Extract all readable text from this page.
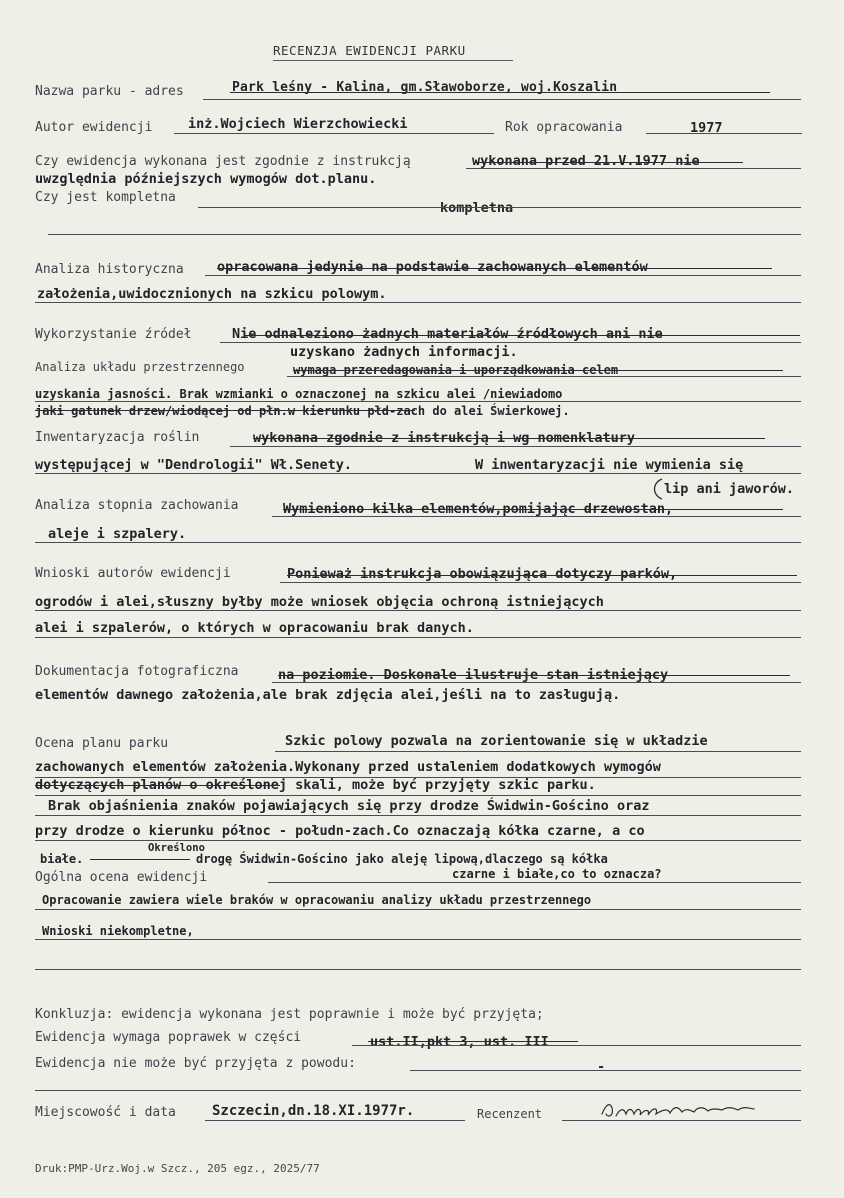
RECENZJA EWIDENCJI PARKU
Nazwa parku - adres	Park leśny - Kalina, gm.Sławoborze, woj.Koszalin
Autor ewidencji	inż.Wojciech Wierzchowiecki	Rok opracowania	1977
Czy ewidencja wykonana jest zgodnie z instrukcją	wykonana przed 21.V.1977 nie
uwzględnia późniejszych wymogów dot.planu.
Czy jest kompletna
kompletna
Analiza historyczna opracowana jedynie na podstawie zachowanych elementów
założenia,uwidocznionych na szkicu polowym.
Wykorzystanie źródeł	Nie odnaleziono żadnych materiałów źródłowych ani nie
uzyskano żadnych informacji.
Analiza układu przestrzennego	wymaga przeredagowania i uporządkowania celem
uzyskania jasności. Brak wzmianki o oznaczonej na szkicu alei /niewiadomo
jaki gatunek drzew/wiodącej od płn.w kierunku płd-zach do alei Świerkowej.
Inwentaryzacja roślin	wykonana zgodnie z instrukcją i wg nomenklatury
występującej w "Dendrologii" Wł.Senety.	W inwentaryzacji nie wymienia się
lip ani jaworów.
Analiza stopnia zachowania	Wymieniono kilka elementów,pomijając drzewostan,
aleje i szpalery.
Wnioski autorów ewidencji	Ponieważ instrukcja obowiązująca dotyczy parków,
ogrodów i alei,słuszny byłby może wniosek objęcia ochroną istniejących
alei i szpalerów, o których w opracowaniu brak danych.
Dokumentacja fotograficzna	na poziomie. Doskonale ilustruje stan istniejący
elementów dawnego założenia,ale brak zdjęcia alei,jeśli na to zasługują.
Ocena planu parku	Szkic polowy pozwala na zorientowanie się w układzie
zachowanych elementów założenia.Wykonany przed ustaleniem dodatkowych wymogów
dotyczących planów o określonej skali, może być przyjęty szkic parku.
Brak objaśnienia znaków pojawiających się przy drodze Świdwin-Gościno oraz
przy drodze o kierunku północ - połudn-zach.Co oznaczają kółka czarne, a co
białe.
Określono
drogę Świdwin-Gościno jako aleję lipową,dlaczego są kółka
czarne i białe,co to oznacza?
Ogólna ocena ewidencji
Opracowanie zawiera wiele braków w opracowaniu analizy układu przestrzennego
Wnioski niekompletne,
Konkluzja: ewidencja wykonana jest poprawnie i może być przyjęta;
Ewidencja wymaga poprawek w części	ust.II,pkt 3, ust. III
Ewidencja nie może być przyjęta z powodu:	-
Miejscowość i data	Szczecin,dn.18.XI.1977r.	Recenzent
Druk:PMP-Urz.Woj.w Szcz., 205 egz., 2025/77
